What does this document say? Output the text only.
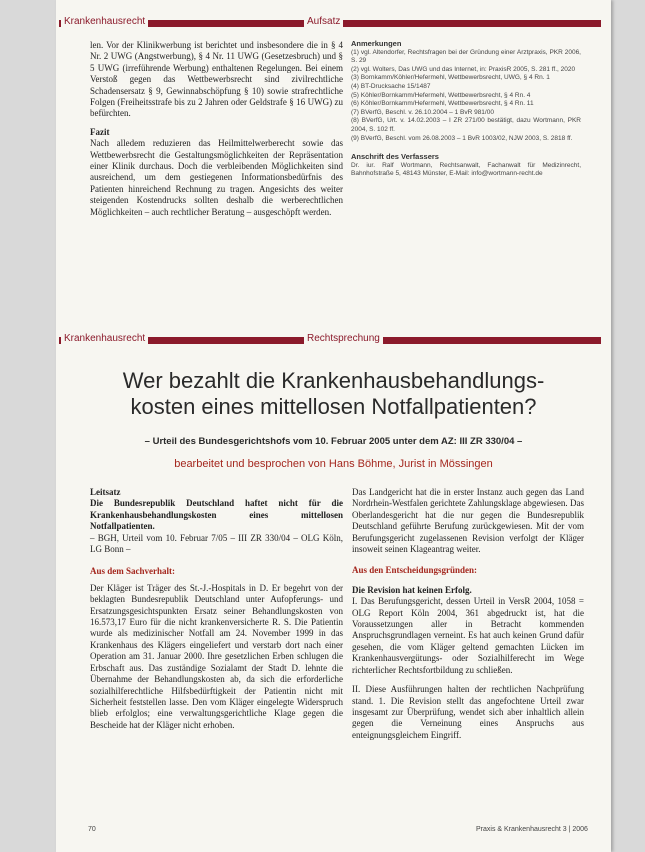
Krankenhausrecht	Aufsatz

len. Vor der Klinikwerbung ist berichtet und insbesondere die in § 4 Nr. 2 UWG (Angstwerbung), § 4 Nr. 11 UWG (Gesetzesbruch) und § 5 UWG (irreführende Werbung) enthaltenen Regelungen. Bei einem Verstoß gegen das Wettbewerbsrecht sind zivilrechtliche Schadensersatz § 9, Gewinnabschöpfung § 10) sowie strafrechtliche Folgen (Freiheitsstrafe bis zu 2 Jahren oder Geldstrafe § 16 UWG) zu befürchten.

Fazit

Nach alledem reduzieren das Heilmittelwerberecht sowie das Wettbewerbsrecht die Gestaltungsmöglichkeiten der Repräsentation einer Klinik durchaus. Doch die verbleibenden Möglichkeiten sind ausreichend, um dem gestiegenen Informationsbedürfnis des Patienten hinreichend Rechnung zu tragen. Angesichts des weiter steigenden Kostendrucks sollten deshalb die werberechtlichen Möglichkeiten – auch rechtlicher Beratung – ausgeschöpft werden.

Anmerkungen

(1) vgl. Altendorfer, Rechtsfragen bei der Gründung einer Arztpraxis, PKR 2006, S. 29

(2) vgl. Wolters, Das UWG und das Internet, in: PraxisR 2005, S. 281 ff., 2020

(3) Bornkamm/Köhler/Hefermehl, Wettbewerbsrecht, UWG, § 4 Rn. 1

(4) BT-Drucksache 15/1487

(5) Köhler/Bornkamm/Hefermehl, Wettbewerbsrecht, § 4 Rn. 4

(6) Köhler/Bornkamm/Hefermehl, Wettbewerbsrecht, § 4 Rn. 11

(7) BVerfG, Beschl. v. 26.10.2004 – 1 BvR 981/00

(8) BVerfG, Urt. v. 14.02.2003 – I ZR 271/00 bestätigt, dazu Wortmann, PKR 2004, S. 102 ff.

(9) BVerfG, Beschl. vom 26.08.2003 – 1 BvR 1003/02, NJW 2003, S. 2818 ff.

Anschrift des Verfassers

Dr. iur. Ralf Wortmann, Rechtsanwalt, Fachanwalt für Medizinrecht, Bahnhofstraße 5, 48143 Münster, E-Mail: info@wortmann-recht.de

Krankenhausrecht	Rechtsprechung
Wer bezahlt die Krankenhausbehandlungs-
kosten eines mittellosen Notfallpatienten?
– Urteil des Bundesgerichtshofs vom 10. Februar 2005 unter dem AZ: III ZR 330/04 –
bearbeitet und besprochen von Hans Böhme, Jurist in Mössingen

Leitsatz

Die Bundesrepublik Deutschland haftet nicht für die Krankenhausbehandlungskosten eines mittellosen Notfallpatienten.

– BGH, Urteil vom 10. Februar 7/05 – III ZR 330/04 – OLG Köln, LG Bonn –

Aus dem Sachverhalt:

Der Kläger ist Träger des St.-J.-Hospitals in D. Er begehrt von der beklagten Bundesrepublik Deutschland unter Aufopferungs- und Ersatzungsgesichtspunkten Ersatz seiner Behandlungskosten von 16.573,17 Euro für die nicht krankenversicherte R. S. Die Patientin wurde als medizinischer Notfall am 24. November 1999 in das Krankenhaus des Klägers eingeliefert und verstarb dort nach einer Operation am 31. Januar 2000. Ihre gesetzlichen Erben schlugen die Erbschaft aus. Das zuständige Sozialamt der Stadt D. lehnte die Übernahme der Behandlungskosten ab, da sich die erforderliche sozialhilferechtliche Hilfsbedürftigkeit der Patientin nicht mit Sicherheit feststellen lasse. Den vom Kläger eingelegte Widerspruch blieb erfolglos; eine verwaltungsgerichtliche Klage gegen die Bescheide hat der Kläger nicht erhoben.

Das Landgericht hat die in erster Instanz auch gegen das Land Nordrhein-Westfalen gerichtete Zahlungsklage abgewiesen. Das Oberlandesgericht hat die nur gegen die Bundesrepublik Deutschland geführte Berufung zurückgewiesen. Mit der vom Berufungsgericht zugelassenen Revision verfolgt der Kläger insoweit seinen Klageantrag weiter.

Aus den Entscheidungsgründen:

Die Revision hat keinen Erfolg.

I. Das Berufungsgericht, dessen Urteil in VersR 2004, 1058 = OLG Report Köln 2004, 361 abgedruckt ist, hat die Voraussetzungen aller in Betracht kommenden Anspruchsgrundlagen verneint. Es hat auch keinen Grund dafür gesehen, die vom Kläger geltend gemachten Lücken im Krankenhausvergütungs- oder Sozialhilferecht im Wege richterlicher Rechtsfortbildung zu schließen.

II. Diese Ausführungen halten der rechtlichen Nachprüfung stand. 1. Die Revision stellt das angefochtene Urteil zwar insgesamt zur Überprüfung, wendet sich aber inhaltlich allein gegen die Verneinung eines Anspruchs aus enteignungsgleichem Eingriff.

70	Praxis & Krankenhausrecht 3 | 2006
